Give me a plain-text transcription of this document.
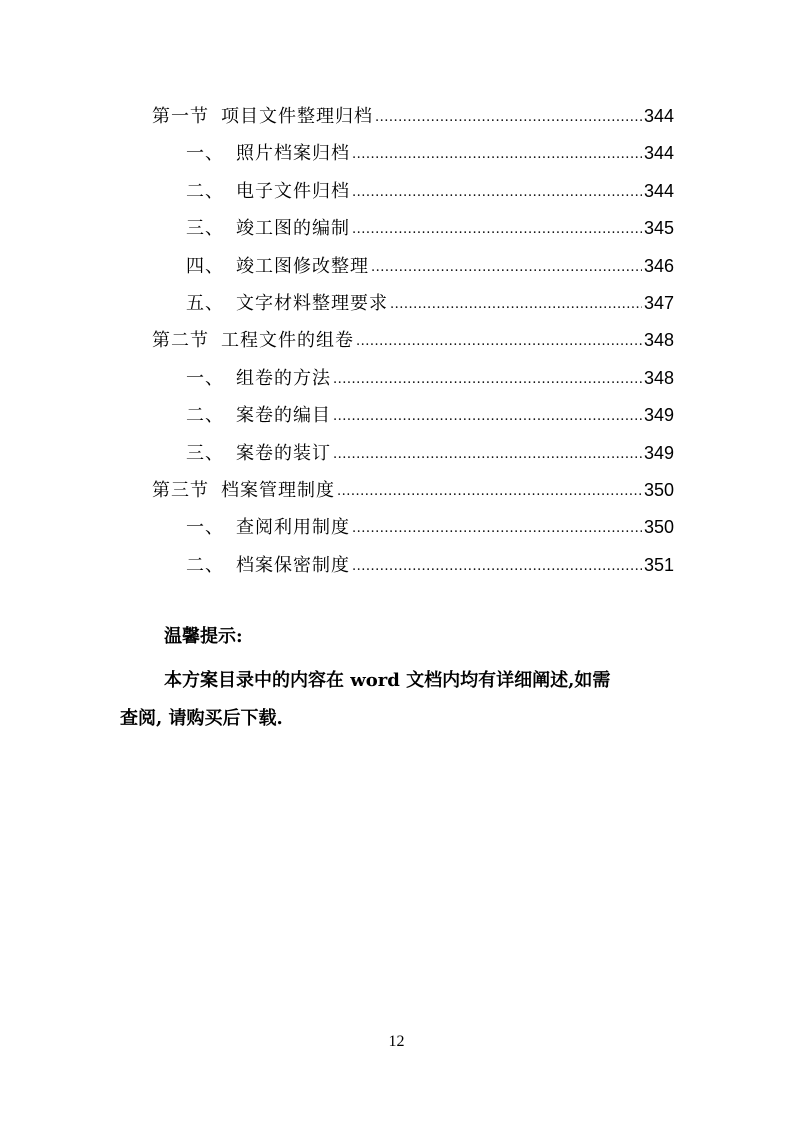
第一节 项目文件整理归档 .....	344
一、 照片档案归档 .....	344
二、 电子文件归档 .....	344
三、 竣工图的编制 .....	345
四、 竣工图修改整理 .....	346
五、 文字材料整理要求 .....	347
第二节 工程文件的组卷 .....	348
一、 组卷的方法 .....	348
二、 案卷的编目 .....	349
三、 案卷的装订 .....	349
第三节 档案管理制度 .....	350
一、 查阅利用制度 .....	350
二、 档案保密制度 .....	351
温馨提示:
本方案目录中的内容在 word 文档内均有详细阐述,如需
查阅, 请购买后下载.
12
